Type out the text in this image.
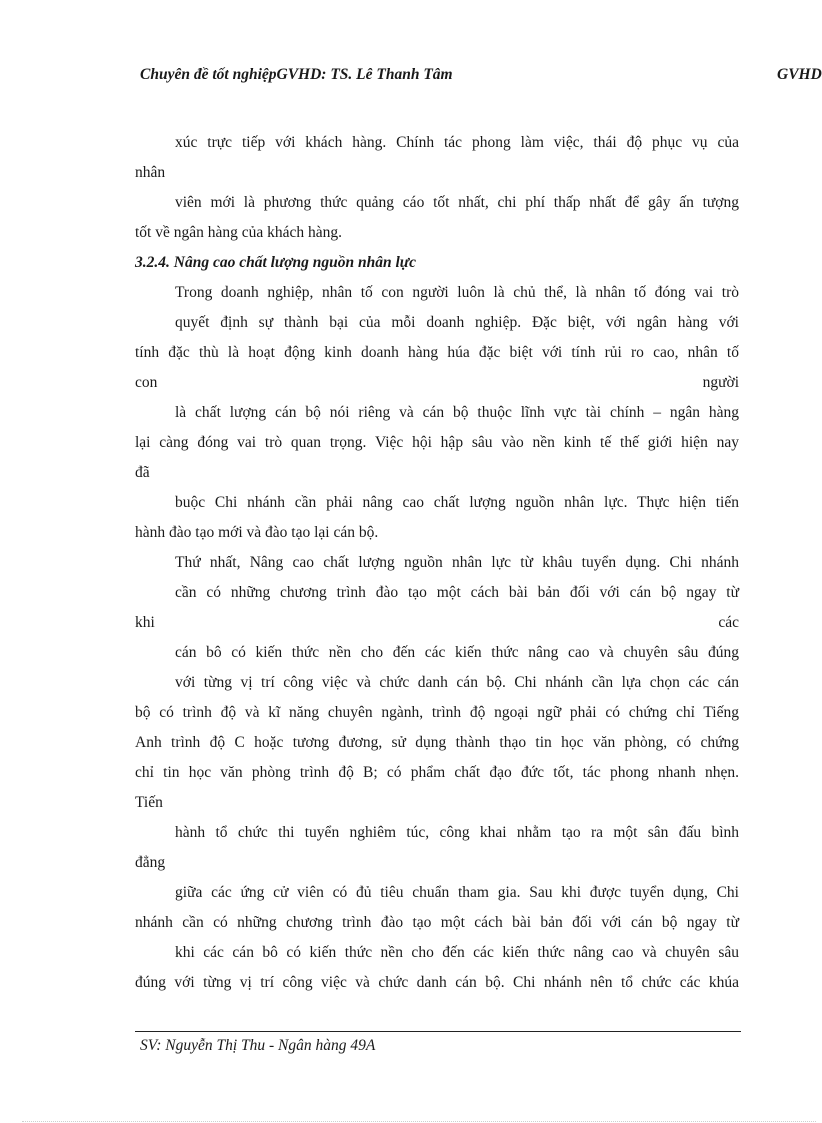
Chuyên đề tốt nghiệpGVHD: TS. Lê Thanh Tâm	GVHD
xúc trực tiếp với khách hàng. Chính tác phong làm việc, thái độ phục vụ của
nhân
viên mới là phương thức quảng cáo tốt nhất, chi phí thấp nhất để gây ấn tượng
tốt về ngân hàng của khách hàng.
3.2.4. Nâng cao chất lượng nguồn nhân lực
Trong doanh nghiệp, nhân tố con người luôn là chủ thể, là nhân tố đóng vai trò
quyết định sự thành bại của mỗi doanh nghiệp. Đặc biệt, với ngân hàng với
tính đặc thù là hoạt động kinh doanh hàng húa đặc biệt với tính rủi ro cao, nhân tố
con	người
là chất lượng cán bộ nói riêng và cán bộ thuộc lĩnh vực tài chính – ngân hàng
lại càng đóng vai trò quan trọng. Việc hội hập sâu vào nền kinh tế thế giới hiện nay
đã
buộc Chi nhánh cần phải nâng cao chất lượng nguồn nhân lực. Thực hiện tiến
hành đào tạo mới và đào tạo lại cán bộ.
Thứ nhất, Nâng cao chất lượng nguồn nhân lực từ khâu tuyển dụng. Chi nhánh
cần có những chương trình đào tạo một cách bài bản đối với cán bộ ngay từ
khi	các
cán bô có kiến thức nền cho đến các kiến thức nâng cao và chuyên sâu đúng
với từng vị trí công việc và chức danh cán bộ. Chi nhánh cần lựa chọn các cán
bộ có trình độ và kĩ năng chuyên ngành, trình độ ngoại ngữ phải có chứng chỉ Tiếng
Anh trình độ C hoặc tương đương, sử dụng thành thạo tin học văn phòng, có chứng
chỉ tin học văn phòng trình độ B; có phẩm chất đạo đức tốt, tác phong nhanh nhẹn.
Tiến
hành tổ chức thi tuyển nghiêm túc, công khai nhằm tạo ra một sân đấu bình
đẳng
giữa các ứng cử viên có đủ tiêu chuẩn tham gia. Sau khi được tuyển dụng, Chi
nhánh cần có những chương trình đào tạo một cách bài bản đối với cán bộ ngay từ
khi các cán bô có kiến thức nền cho đến các kiến thức nâng cao và chuyên sâu
đúng với từng vị trí công việc và chức danh cán bộ. Chi nhánh nên tổ chức các khúa
SV: Nguyễn Thị Thu - Ngân hàng 49A
